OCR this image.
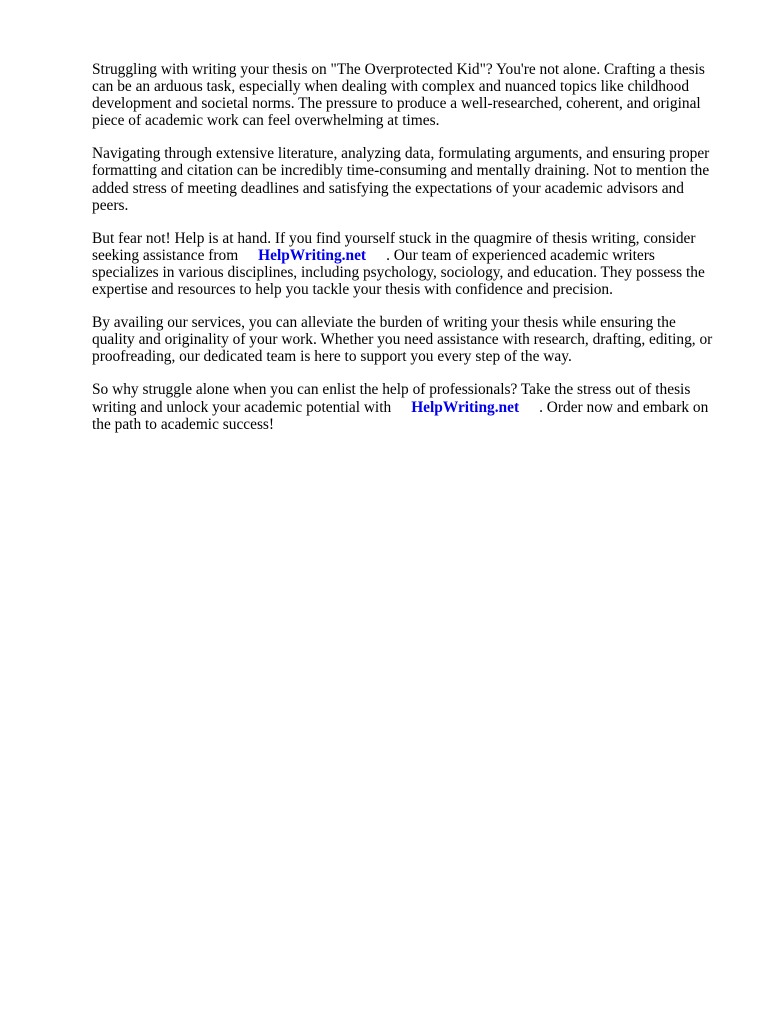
Struggling with writing your thesis on "The Overprotected Kid"? You're not alone. Crafting a thesis can be an arduous task, especially when dealing with complex and nuanced topics like childhood development and societal norms. The pressure to produce a well-researched, coherent, and original piece of academic work can feel overwhelming at times.

Navigating through extensive literature, analyzing data, formulating arguments, and ensuring proper formatting and citation can be incredibly time-consuming and mentally draining. Not to mention the added stress of meeting deadlines and satisfying the expectations of your academic advisors and peers.

But fear not! Help is at hand. If you find yourself stuck in the quagmire of thesis writing, consider seeking assistance from HelpWriting.net . Our team of experienced academic writers specializes in various disciplines, including psychology, sociology, and education. They possess the expertise and resources to help you tackle your thesis with confidence and precision.

By availing our services, you can alleviate the burden of writing your thesis while ensuring the quality and originality of your work. Whether you need assistance with research, drafting, editing, or proofreading, our dedicated team is here to support you every step of the way.

So why struggle alone when you can enlist the help of professionals? Take the stress out of thesis writing and unlock your academic potential with HelpWriting.net . Order now and embark on the path to academic success!
